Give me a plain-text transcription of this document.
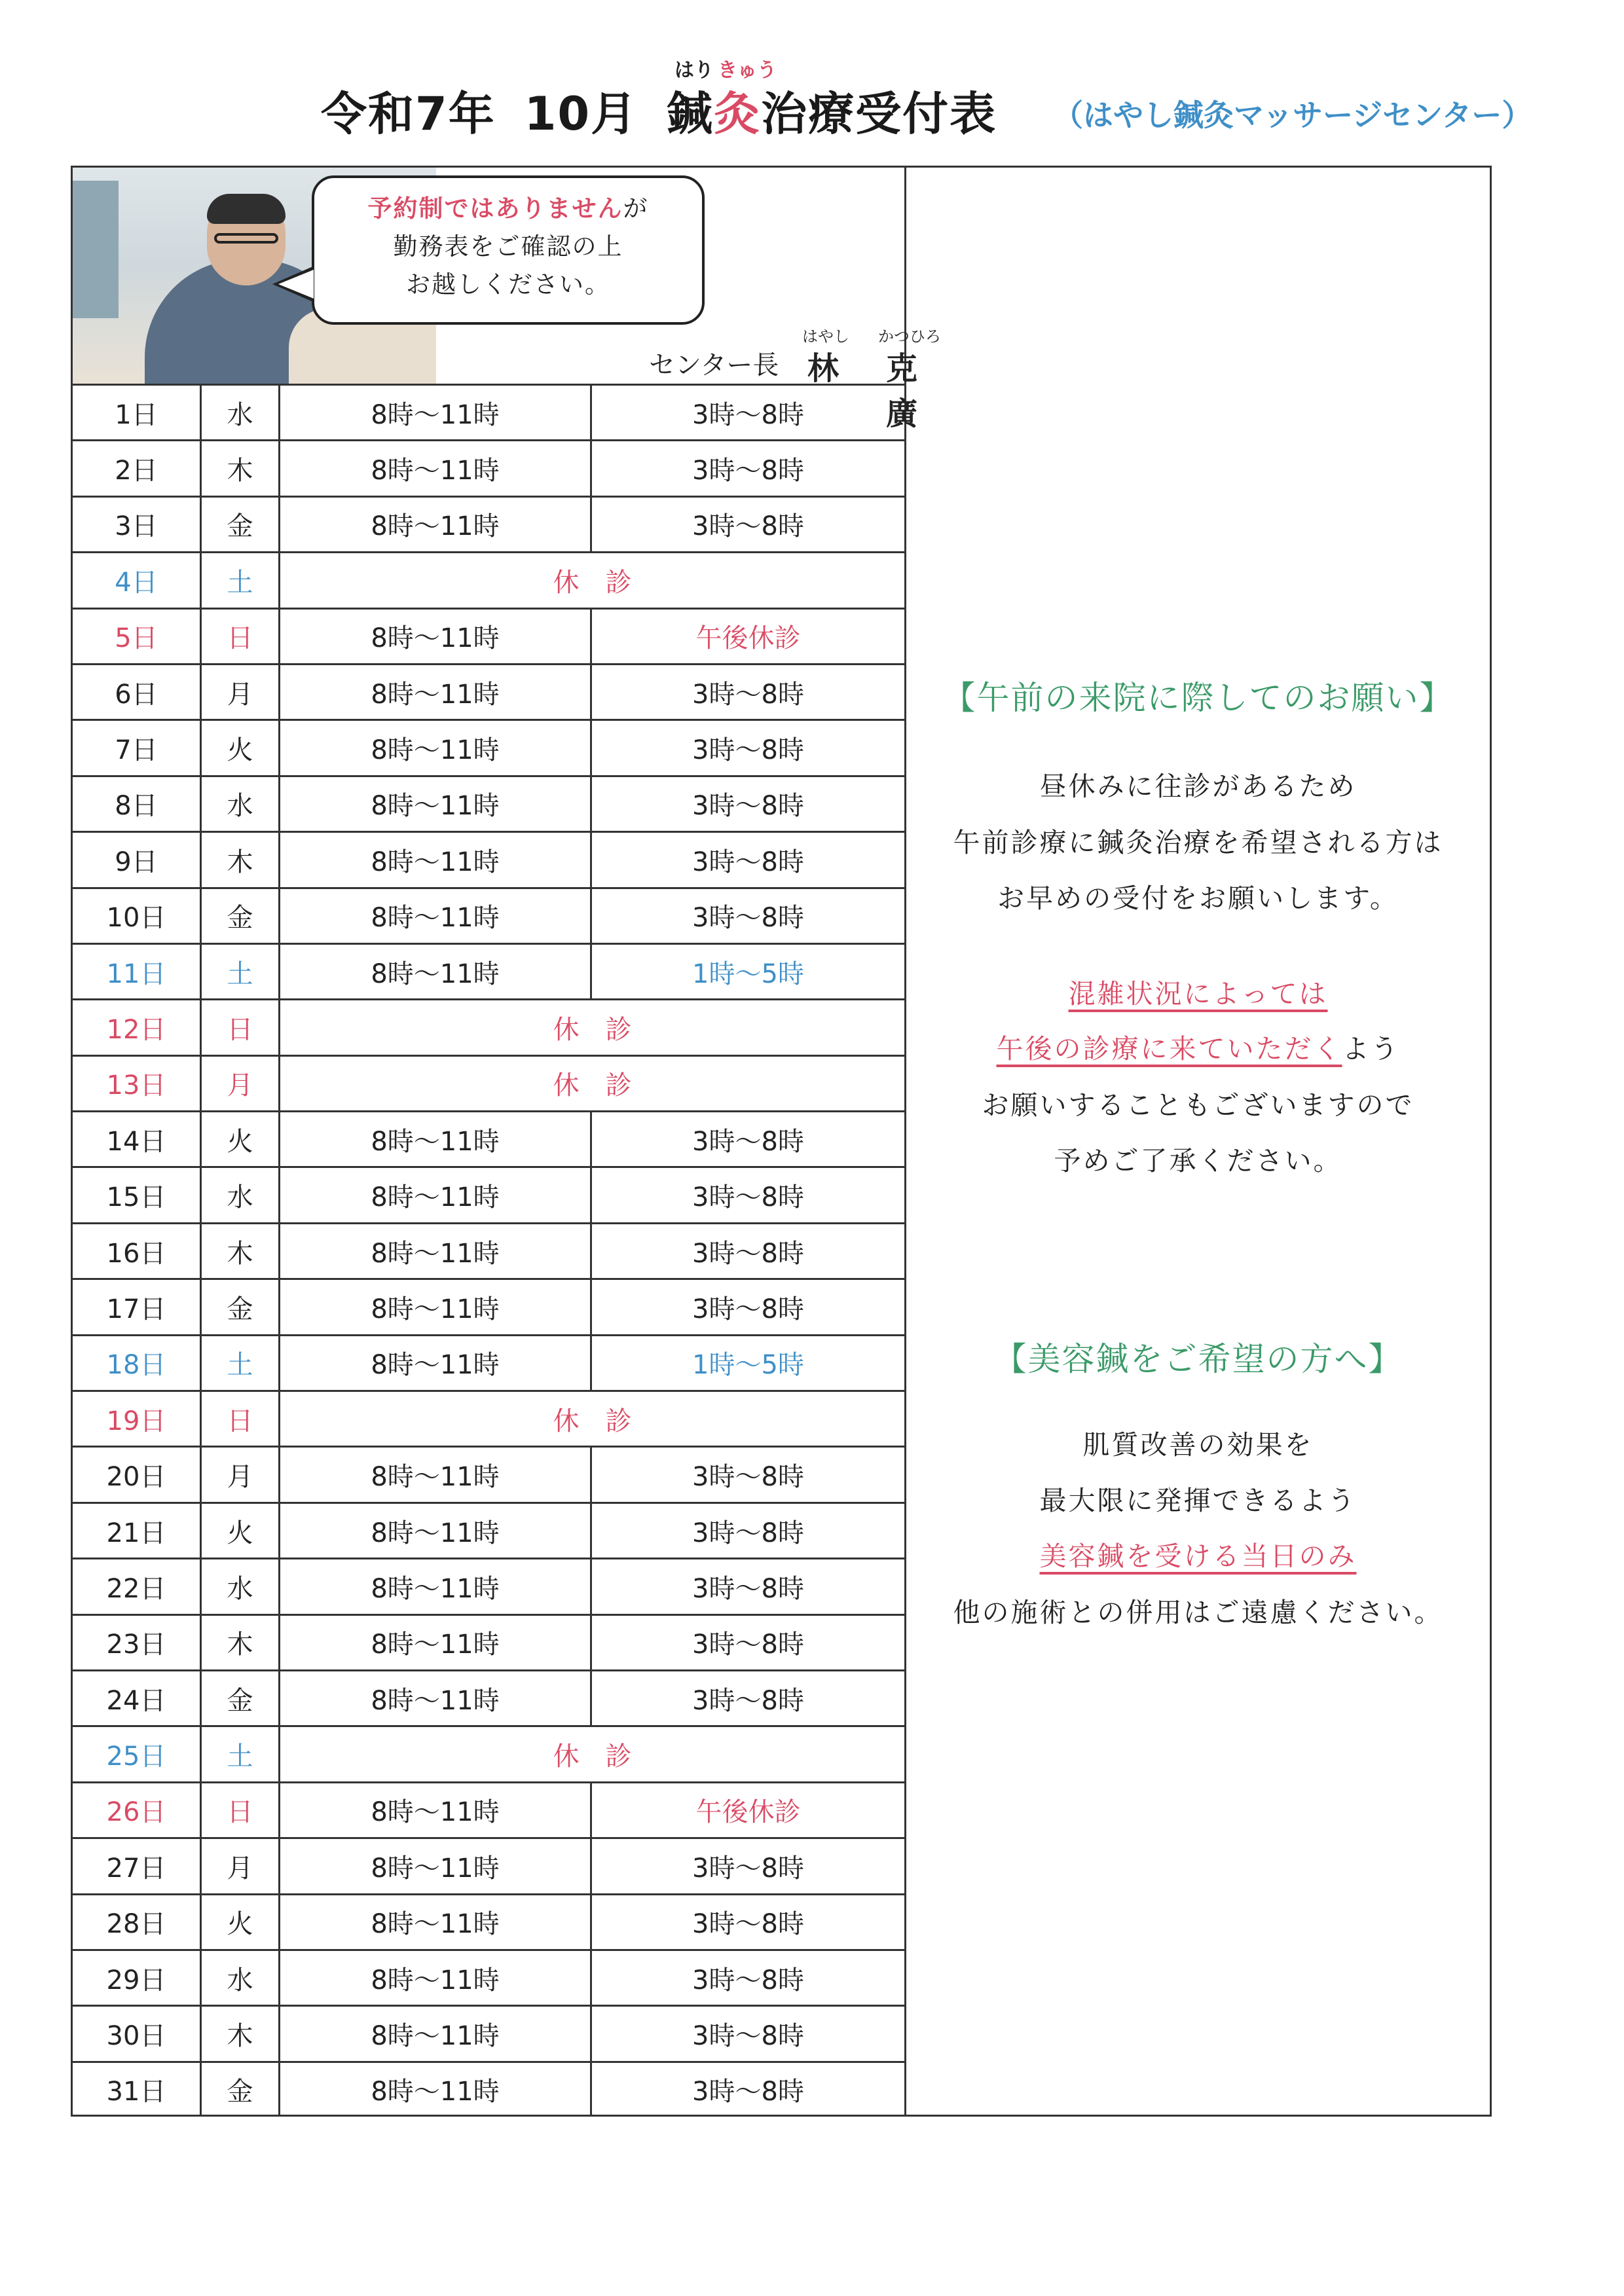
はり きゅう
令和7年 10月 鍼灸治療受付表 （はやし鍼灸マッサージセンター）
予約制ではありませんが
勤務表をご確認の上
お越しください。
センター長
はやし かつひろ
林 克廣
1日	水	8時～11時	3時～8時
2日	木	8時～11時	3時～8時
3日	金	8時～11時	3時～8時
4日	土	休診
5日	日	8時～11時	午後休診
6日	月	8時～11時	3時～8時
7日	火	8時～11時	3時～8時
8日	水	8時～11時	3時～8時
9日	木	8時～11時	3時～8時
10日	金	8時～11時	3時～8時
11日	土	8時～11時	1時～5時
12日	日	休診
13日	月	休診
14日	火	8時～11時	3時～8時
15日	水	8時～11時	3時～8時
16日	木	8時～11時	3時～8時
17日	金	8時～11時	3時～8時
18日	土	8時～11時	1時～5時
19日	日	休診
20日	月	8時～11時	3時～8時
21日	火	8時～11時	3時～8時
22日	水	8時～11時	3時～8時
23日	木	8時～11時	3時～8時
24日	金	8時～11時	3時～8時
25日	土	休診
26日	日	8時～11時	午後休診
27日	月	8時～11時	3時～8時
28日	火	8時～11時	3時～8時
29日	水	8時～11時	3時～8時
30日	木	8時～11時	3時～8時
31日	金	8時～11時	3時～8時
【午前の来院に際してのお願い】
昼休みに往診があるため
午前診療に鍼灸治療を希望される方は
お早めの受付をお願いします。
混雑状況によっては
午後の診療に来ていただくよう
お願いすることもございますので
予めご了承ください。
【美容鍼をご希望の方へ】
肌質改善の効果を
最大限に発揮できるよう
美容鍼を受ける当日のみ
他の施術との併用はご遠慮ください。
